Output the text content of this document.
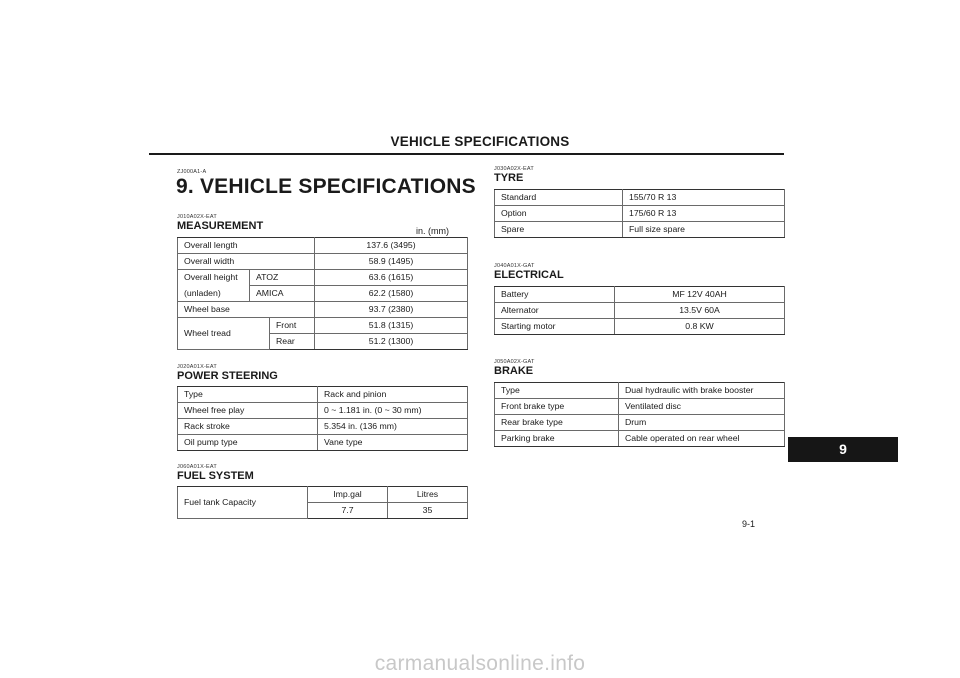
VEHICLE SPECIFICATIONS
ZJ000A1-A
9. VEHICLE SPECIFICATIONS
J010A02X-EAT
MEASUREMENT	in. (mm)
Overall length			137.6 (3495)
Overall width			58.9 (1495)
Overall height	ATOZ		63.6 (1615)
(unladen)	AMICA		62.2 (1580)
Wheel base			93.7 (2380)
Wheel tread		Front	51.8 (1315)
		Rear	51.2 (1300)
J020A01X-EAT
POWER STEERING
Type	Rack and pinion
Wheel free play	0 ~ 1.181 in. (0 ~ 30 mm)
Rack stroke	5.354 in. (136 mm)
Oil pump type	Vane type
J060A01X-EAT
FUEL SYSTEM
Fuel tank Capacity	Imp.gal	Litres
	7.7	35
J030A02X-EAT
TYRE
Standard	155/70 R 13
Option	175/60 R 13
Spare	Full size spare
J040A01X-GAT
ELECTRICAL
Battery	MF 12V 40AH
Alternator	13.5V 60A
Starting motor	0.8 KW
J050A02X-GAT
BRAKE
Type	Dual hydraulic with brake booster
Front brake type	Ventilated disc
Rear brake type	Drum
Parking brake	Cable operated on rear wheel
9
9-1
carmanualsonline.info
